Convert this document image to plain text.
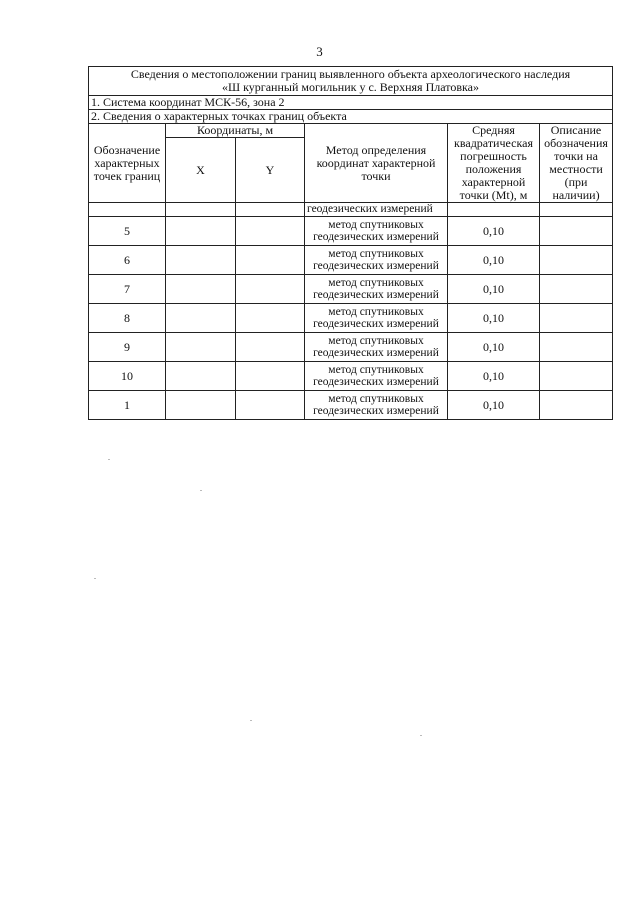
3
Сведения о местоположении границ выявленного объекта археологического наследия
«Ш курганный могильник у с. Верхняя Платовка»					

1. Система координат МСК-56, зона 2					
2. Сведения о характерных точках границ объекта					
Обозначение характерных точек границ	Координаты, м		Метод определения координат характерной точки	Средняя квадратическая погрешность положения характерной точки (Mt), м	Описание обозначения точки на местности (при наличии)
	X	Y			
			геодезических измерений		
5			метод спутниковых геодезических измерений	0,10	
6			метод спутниковых геодезических измерений	0,10	
7			метод спутниковых геодезических измерений	0,10	
8			метод спутниковых геодезических измерений	0,10	
9			метод спутниковых геодезических измерений	0,10	
10			метод спутниковых геодезических измерений	0,10	
1			метод спутниковых геодезических измерений	0,10	
